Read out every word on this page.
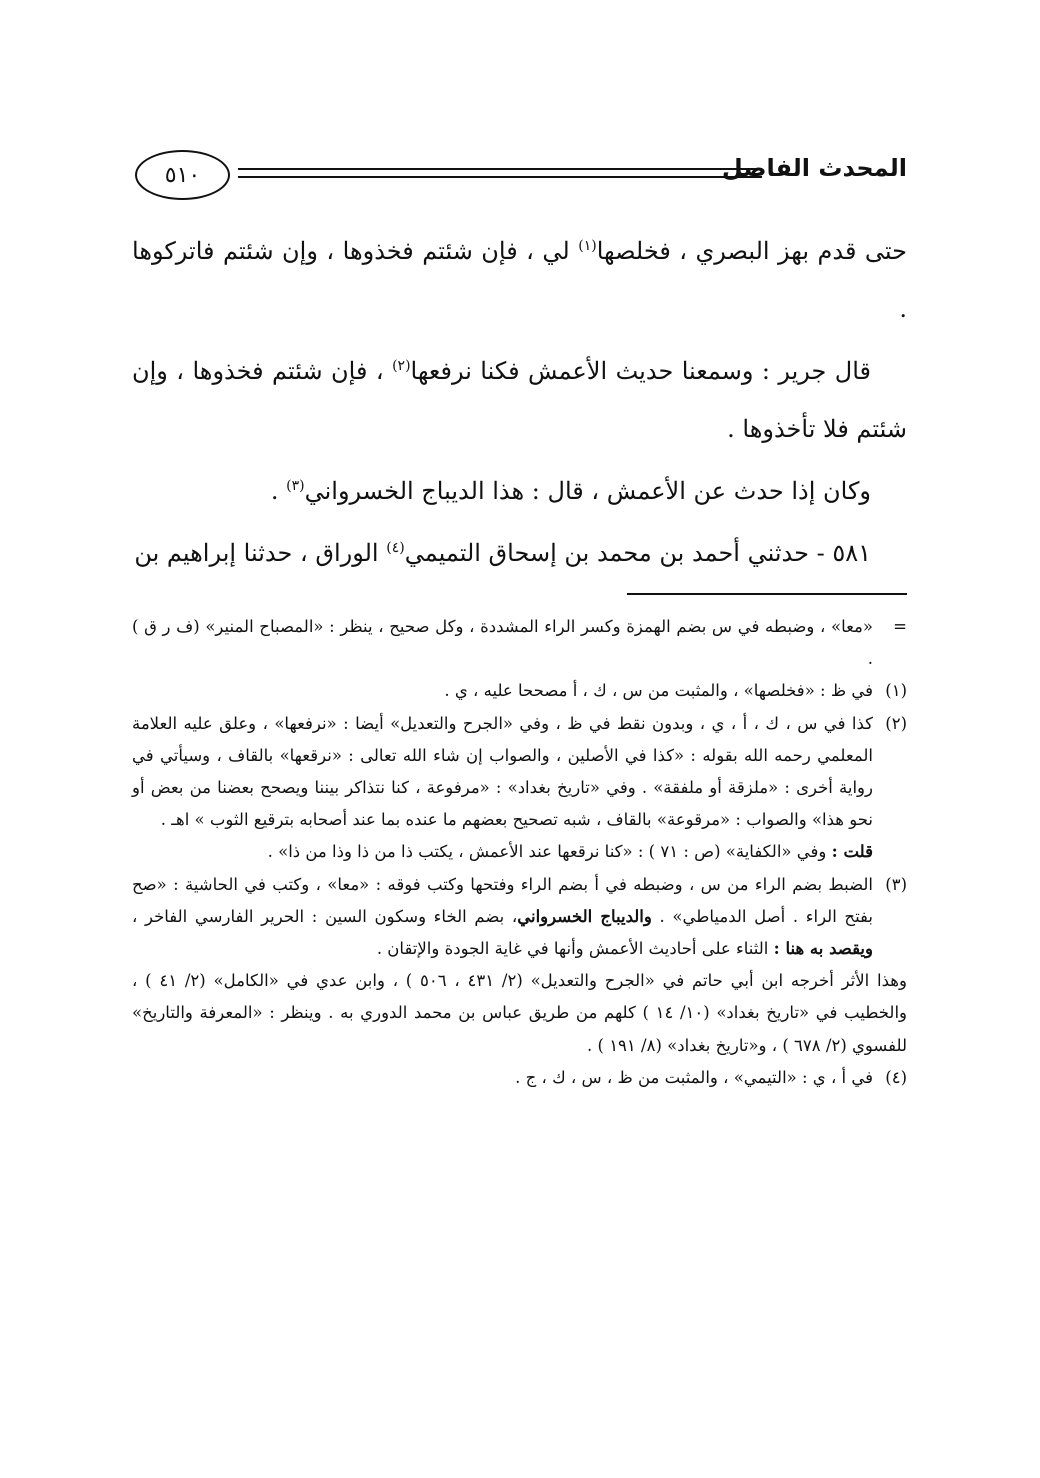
٥١٠	المحدث الفاصل

حتى قدم بهز البصري ، فخلصها$^{(١)}$ لي ، فإن شئتم فخذوها ، وإن شئتم فاتركوها .

قال جرير : وسمعنا حديث الأعمش فكنا نرفعها$^{(٢)}$ ، فإن شئتم فخذوها ، وإن شئتم فلا تأخذوها .

وكان إذا حدث عن الأعمش ، قال : هذا الديباج الخسرواني$^{(٣)}$ .

٥٨١ - حدثني أحمد بن محمد بن إسحاق التميمي$^{(٤)}$ الوراق ، حدثنا إبراهيم بن

=
«معا» ، وضبطه في س بضم الهمزة وكسر الراء المشددة ، وكل صحيح ، ينظر : «المصباح المنير» (ف ر ق ) .
(١)
في ظ : «فخلصها» ، والمثبت من س ، ك ، أ مصححا عليه ، ي .
(٢)
كذا في س ، ك ، أ ، ي ، وبدون نقط في ظ ، وفي «الجرح والتعديل» أيضا : «نرفعها» ، وعلق عليه العلامة المعلمي رحمه الله بقوله : «كذا في الأصلين ، والصواب إن شاء الله تعالى : «نرقعها» بالقاف ، وسيأتي في رواية أخرى : «ملزقة أو ملفقة» . وفي «تاريخ بغداد» : «مرفوعة ، كنا نتذاكر بيننا ويصحح بعضنا من بعض أو نحو هذا» والصواب : «مرقوعة» بالقاف ، شبه تصحيح بعضهم ما عنده بما عند أصحابه بترقيع الثوب » اهـ .
قلت : وفي «الكفاية» (ص : ٧١ ) : «كنا نرقعها عند الأعمش ، يكتب ذا من ذا وذا من ذا» .
(٣)
الضبط بضم الراء من س ، وضبطه في أ بضم الراء وفتحها وكتب فوقه : «معا» ، وكتب في الحاشية : «صح بفتح الراء . أصل الدمياطي» . والديباج الخسرواني، بضم الخاء وسكون السين : الحرير الفارسي الفاخر ، ويقصد به هنا : الثناء على أحاديث الأعمش وأنها في غاية الجودة والإتقان .
وهذا الأثر أخرجه ابن أبي حاتم في «الجرح والتعديل» (٢/ ٤٣١ ، ٥٠٦ ) ، وابن عدي في «الكامل» (٢/ ٤١ ) ، والخطيب في «تاريخ بغداد» (١٠/ ١٤ ) كلهم من طريق عباس بن محمد الدوري به . وينظر : «المعرفة والتاريخ» للفسوي (٢/ ٦٧٨ ) ، و«تاريخ بغداد» (٨/ ١٩١ ) .
(٤)
في أ ، ي : «التيمي» ، والمثبت من ظ ، س ، ك ، ج .
